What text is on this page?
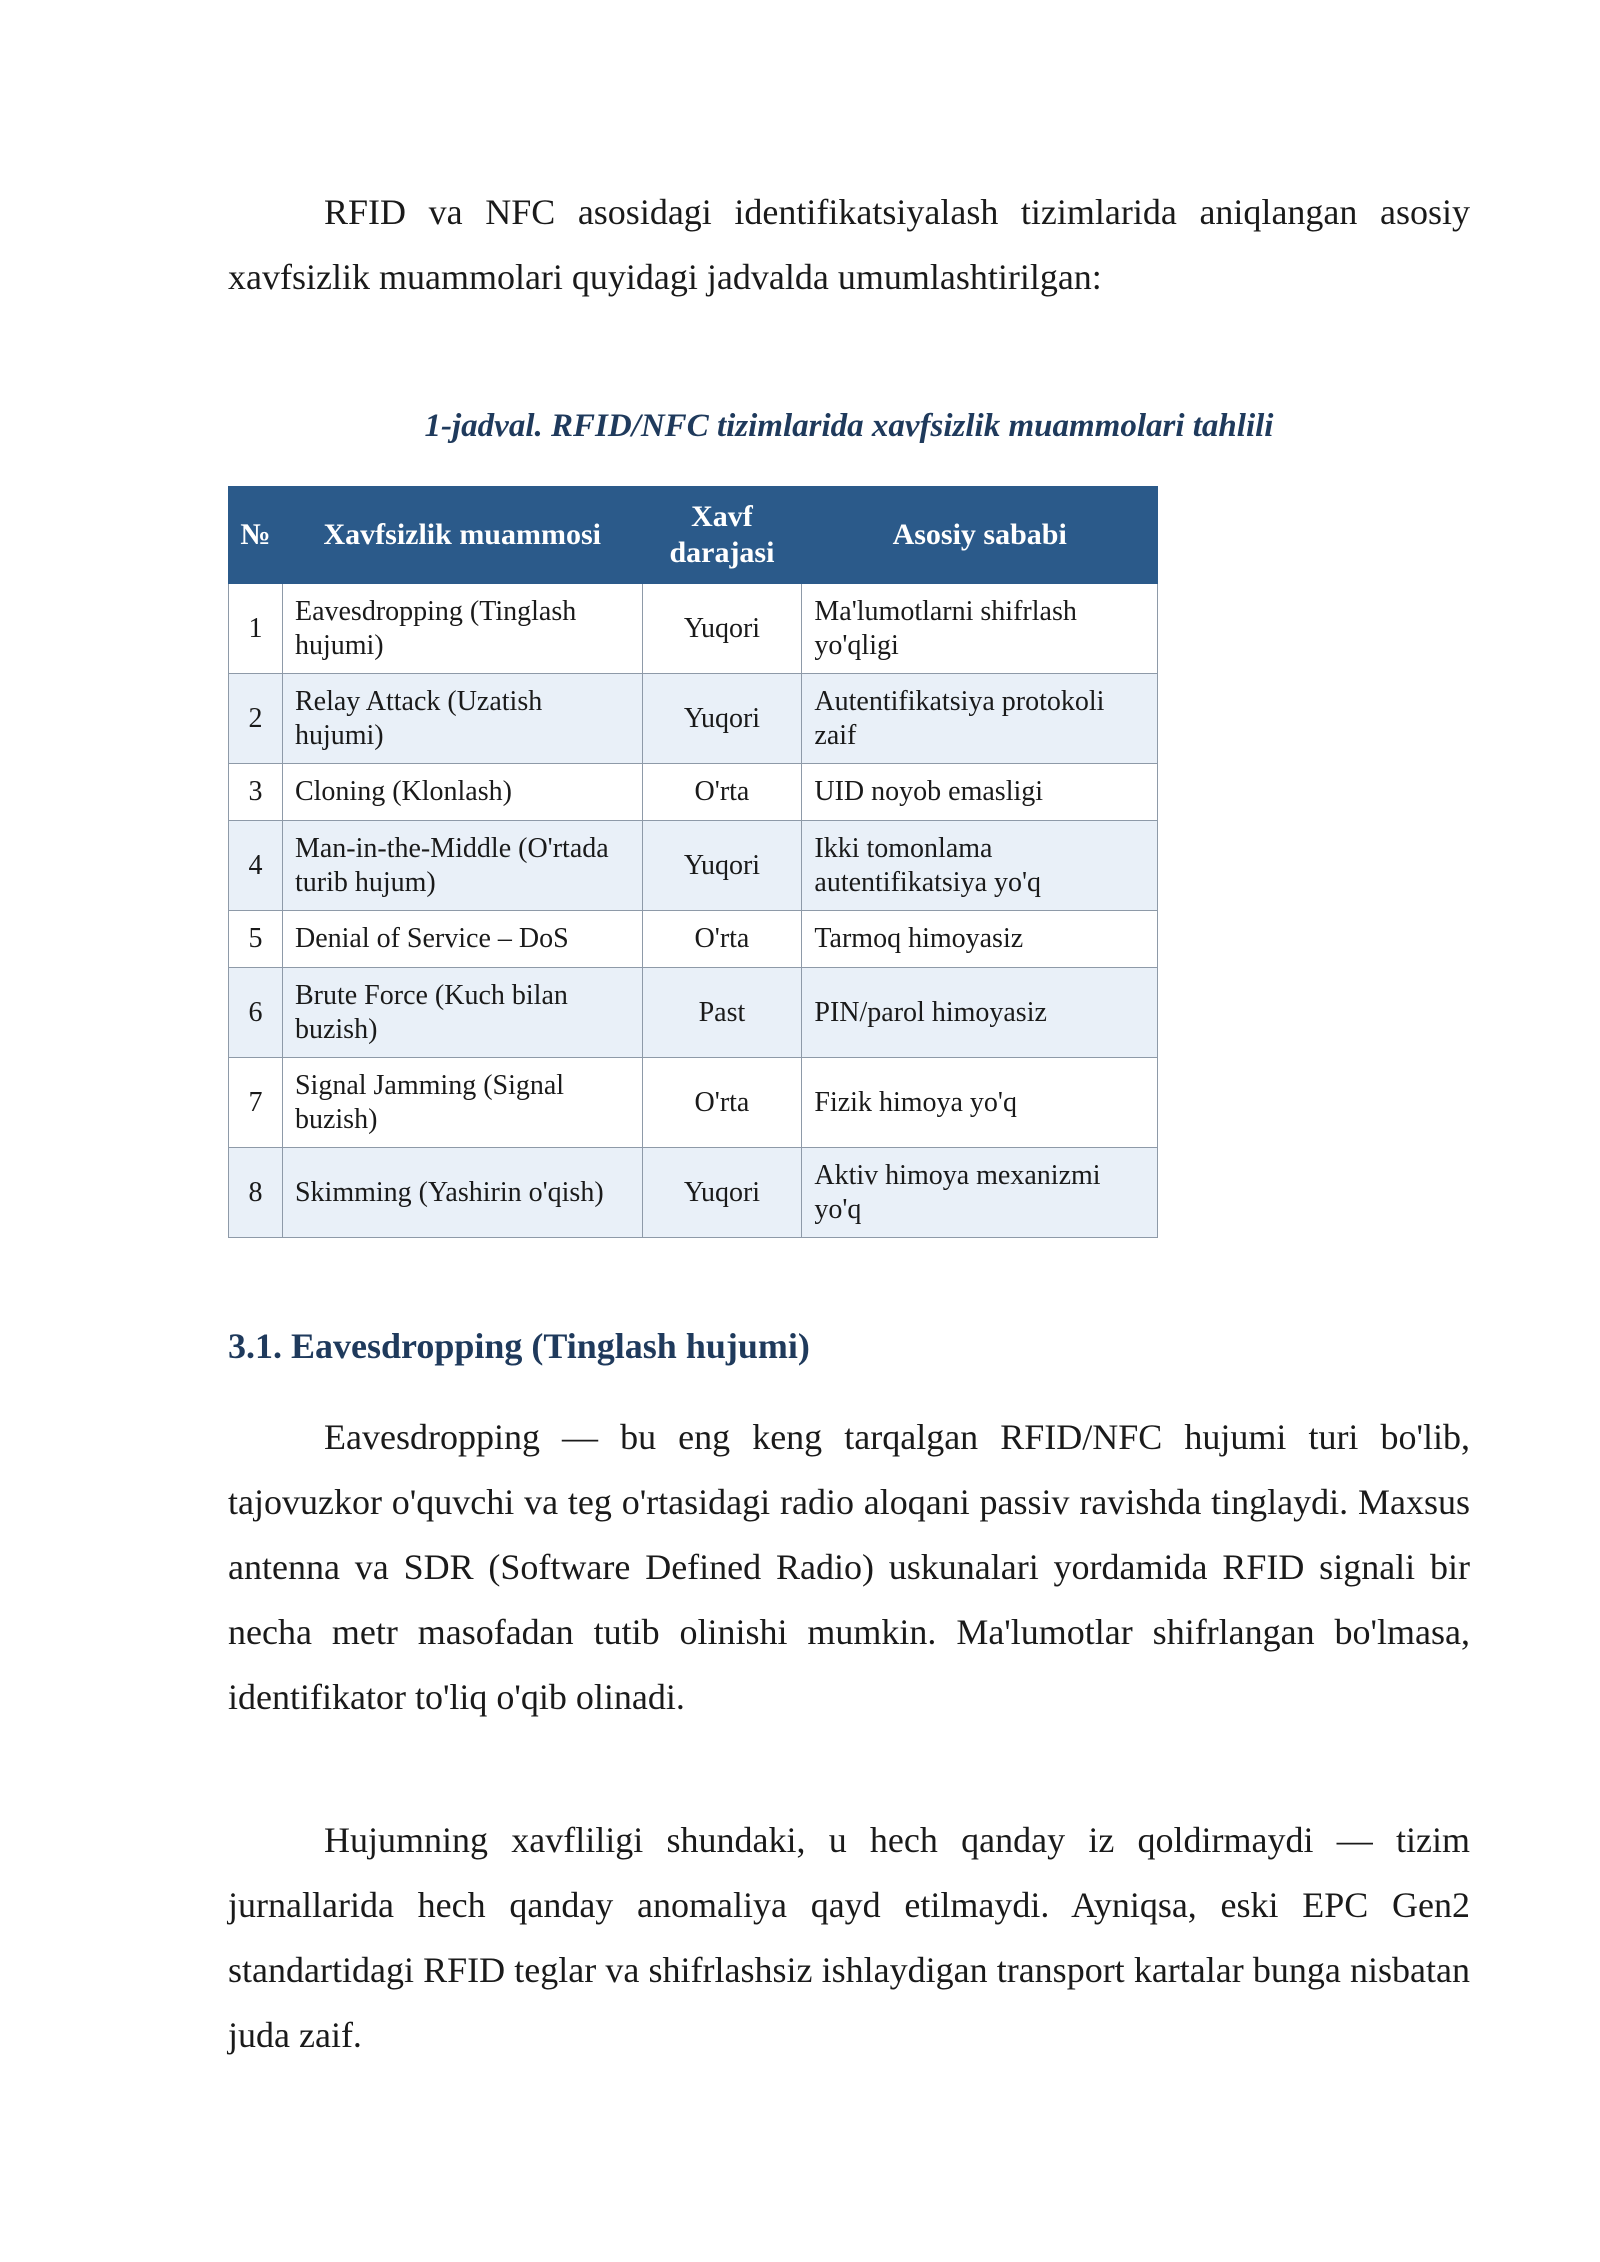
RFID va NFC asosidagi identifikatsiyalash tizimlarida aniqlangan asosiy xavfsizlik muammolari quyidagi jadvalda umumlashtirilgan:

1-jadval. RFID/NFC tizimlarida xavfsizlik muammolari tahlili

№	Xavfsizlik muammosi	Xavf darajasi	Asosiy sababi
1	Eavesdropping (Tinglash hujumi)	Yuqori	Ma'lumotlarni shifrlash yo'qligi
2	Relay Attack (Uzatish hujumi)	Yuqori	Autentifikatsiya protokoli zaif
3	Cloning (Klonlash)	O'rta	UID noyob emasligi
4	Man-in-the-Middle (O'rtada turib hujum)	Yuqori	Ikki tomonlama autentifikatsiya yo'q
5	Denial of Service – DoS	O'rta	Tarmoq himoyasiz
6	Brute Force (Kuch bilan buzish)	Past	PIN/parol himoyasiz
7	Signal Jamming (Signal buzish)	O'rta	Fizik himoya yo'q
8	Skimming (Yashirin o'qish)	Yuqori	Aktiv himoya mexanizmi yo'q
3.1. Eavesdropping (Tinglash hujumi)

Eavesdropping — bu eng keng tarqalgan RFID/NFC hujumi turi bo'lib, tajovuzkor o'quvchi va teg o'rtasidagi radio aloqani passiv ravishda tinglaydi. Maxsus antenna va SDR (Software Defined Radio) uskunalari yordamida RFID signali bir necha metr masofadan tutib olinishi mumkin. Ma'lumotlar shifrlangan bo'lmasa, identifikator to'liq o'qib olinadi.

Hujumning xavfliligi shundaki, u hech qanday iz qoldirmaydi — tizim jurnallarida hech qanday anomaliya qayd etilmaydi. Ayniqsa, eski EPC Gen2 standartidagi RFID teglar va shifrlashsiz ishlaydigan transport kartalar bunga nisbatan juda zaif.
